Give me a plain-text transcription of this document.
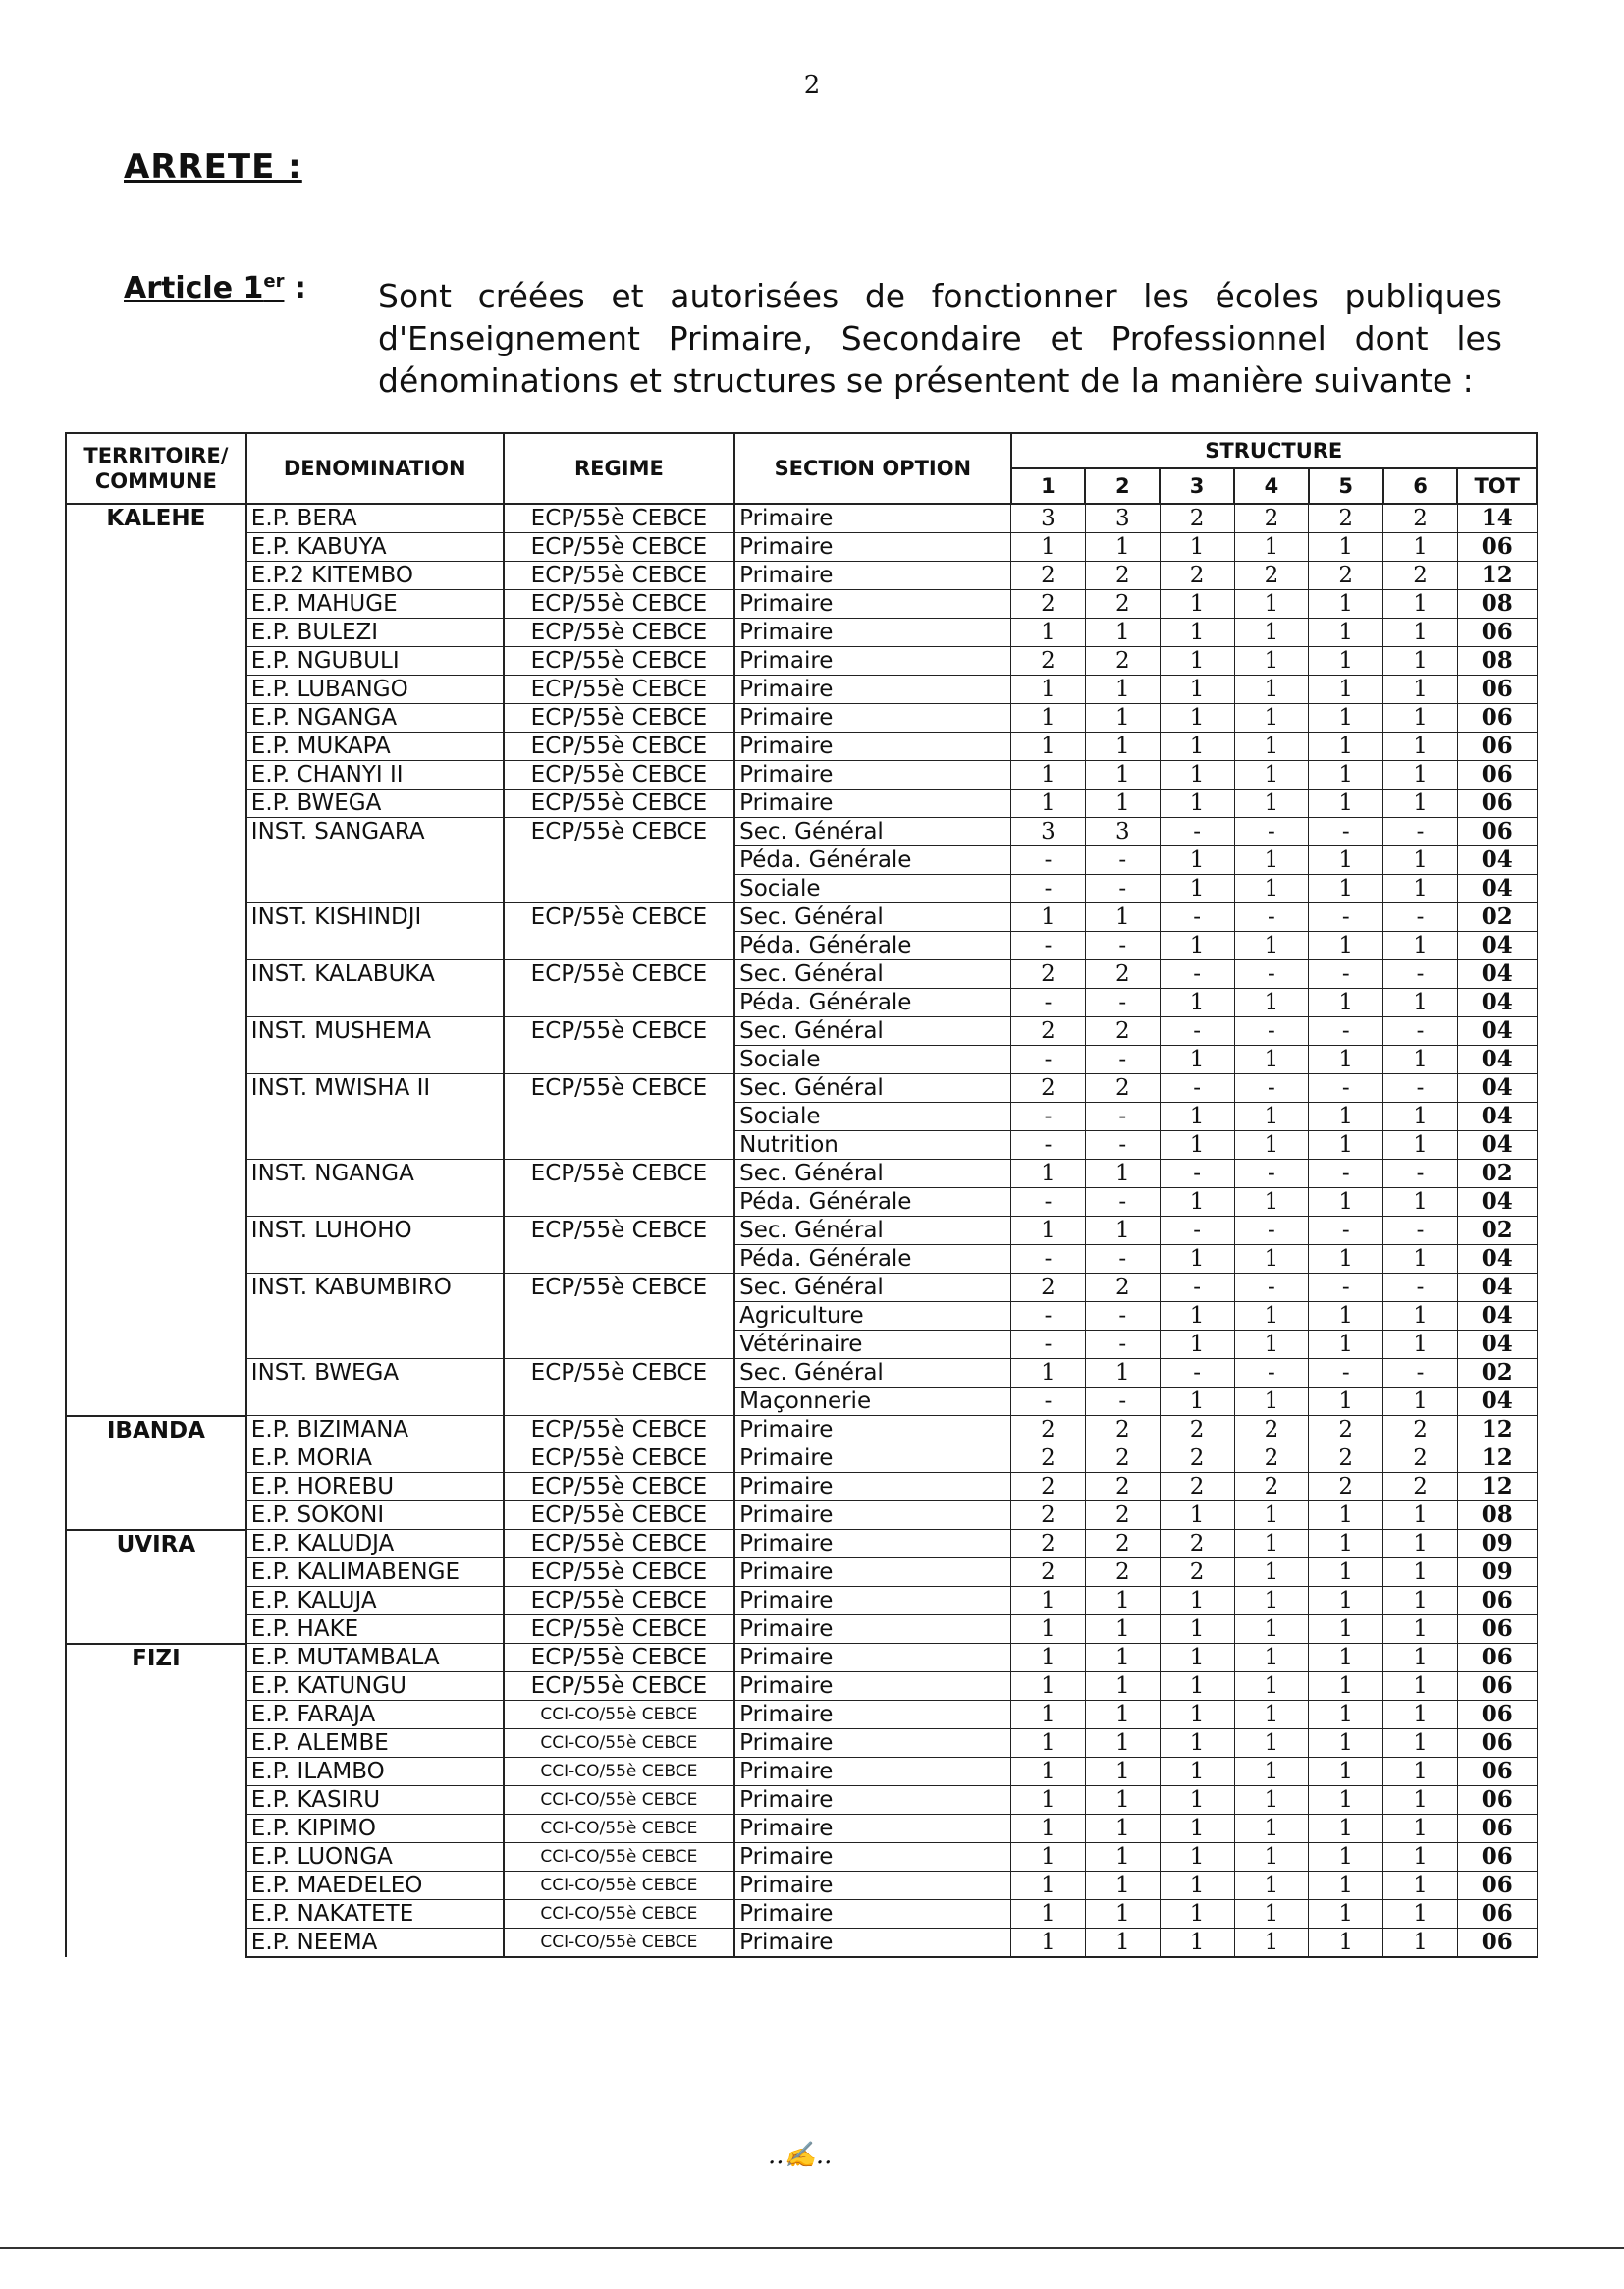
2
ARRETE :
Article 1er : Sont créées et autorisées de fonctionner les écoles publiques d'Enseignement Primaire, Secondaire et Professionnel dont les dénominations et structures se présentent de la manière suivante :
TERRITOIRE/ COMMUNE	DENOMINATION	REGIME	SECTION OPTION	STRUCTURE						
				1	2	3	4	5	6	TOT
KALEHE	E.P. BERA	ECP/55è CEBCE	Primaire	3	3	2	2	2	2	14
	E.P. KABUYA	ECP/55è CEBCE	Primaire	1	1	1	1	1	1	06
	E.P.2 KITEMBO	ECP/55è CEBCE	Primaire	2	2	2	2	2	2	12
	E.P. MAHUGE	ECP/55è CEBCE	Primaire	2	2	1	1	1	1	08
	E.P. BULEZI	ECP/55è CEBCE	Primaire	1	1	1	1	1	1	06
	E.P. NGUBULI	ECP/55è CEBCE	Primaire	2	2	1	1	1	1	08
	E.P. LUBANGO	ECP/55è CEBCE	Primaire	1	1	1	1	1	1	06
	E.P. NGANGA	ECP/55è CEBCE	Primaire	1	1	1	1	1	1	06
	E.P. MUKAPA	ECP/55è CEBCE	Primaire	1	1	1	1	1	1	06
	E.P. CHANYI II	ECP/55è CEBCE	Primaire	1	1	1	1	1	1	06
	E.P. BWEGA	ECP/55è CEBCE	Primaire	1	1	1	1	1	1	06
	INST. SANGARA	ECP/55è CEBCE	Sec. Général	3	3	-	-	-	-	06
			Péda. Générale	-	-	1	1	1	1	04
			Sociale	-	-	1	1	1	1	04
	INST. KISHINDJI	ECP/55è CEBCE	Sec. Général	1	1	-	-	-	-	02
			Péda. Générale	-	-	1	1	1	1	04
	INST. KALABUKA	ECP/55è CEBCE	Sec. Général	2	2	-	-	-	-	04
			Péda. Générale	-	-	1	1	1	1	04
	INST. MUSHEMA	ECP/55è CEBCE	Sec. Général	2	2	-	-	-	-	04
			Sociale	-	-	1	1	1	1	04
	INST. MWISHA II	ECP/55è CEBCE	Sec. Général	2	2	-	-	-	-	04
			Sociale	-	-	1	1	1	1	04
			Nutrition	-	-	1	1	1	1	04
	INST. NGANGA	ECP/55è CEBCE	Sec. Général	1	1	-	-	-	-	02
			Péda. Générale	-	-	1	1	1	1	04
	INST. LUHOHO	ECP/55è CEBCE	Sec. Général	1	1	-	-	-	-	02
			Péda. Générale	-	-	1	1	1	1	04
	INST. KABUMBIRO	ECP/55è CEBCE	Sec. Général	2	2	-	-	-	-	04
			Agriculture	-	-	1	1	1	1	04
			Vétérinaire	-	-	1	1	1	1	04
	INST. BWEGA	ECP/55è CEBCE	Sec. Général	1	1	-	-	-	-	02
			Maçonnerie	-	-	1	1	1	1	04
IBANDA	E.P. BIZIMANA	ECP/55è CEBCE	Primaire	2	2	2	2	2	2	12
	E.P. MORIA	ECP/55è CEBCE	Primaire	2	2	2	2	2	2	12
	E.P. HOREBU	ECP/55è CEBCE	Primaire	2	2	2	2	2	2	12
	E.P. SOKONI	ECP/55è CEBCE	Primaire	2	2	1	1	1	1	08
UVIRA	E.P. KALUDJA	ECP/55è CEBCE	Primaire	2	2	2	1	1	1	09
	E.P. KALIMABENGE	ECP/55è CEBCE	Primaire	2	2	2	1	1	1	09
	E.P. KALUJA	ECP/55è CEBCE	Primaire	1	1	1	1	1	1	06
	E.P. HAKE	ECP/55è CEBCE	Primaire	1	1	1	1	1	1	06
FIZI	E.P. MUTAMBALA	ECP/55è CEBCE	Primaire	1	1	1	1	1	1	06
	E.P. KATUNGU	ECP/55è CEBCE	Primaire	1	1	1	1	1	1	06
	E.P. FARAJA	CCI-CO/55è CEBCE	Primaire	1	1	1	1	1	1	06
	E.P. ALEMBE	CCI-CO/55è CEBCE	Primaire	1	1	1	1	1	1	06
	E.P. ILAMBO	CCI-CO/55è CEBCE	Primaire	1	1	1	1	1	1	06
	E.P. KASIRU	CCI-CO/55è CEBCE	Primaire	1	1	1	1	1	1	06
	E.P. KIPIMO	CCI-CO/55è CEBCE	Primaire	1	1	1	1	1	1	06
	E.P. LUONGA	CCI-CO/55è CEBCE	Primaire	1	1	1	1	1	1	06
	E.P. MAEDELEO	CCI-CO/55è CEBCE	Primaire	1	1	1	1	1	1	06
	E.P. NAKATETE	CCI-CO/55è CEBCE	Primaire	1	1	1	1	1	1	06
	E.P. NEEMA	CCI-CO/55è CEBCE	Primaire	1	1	1	1	1	1	06
..✍..
